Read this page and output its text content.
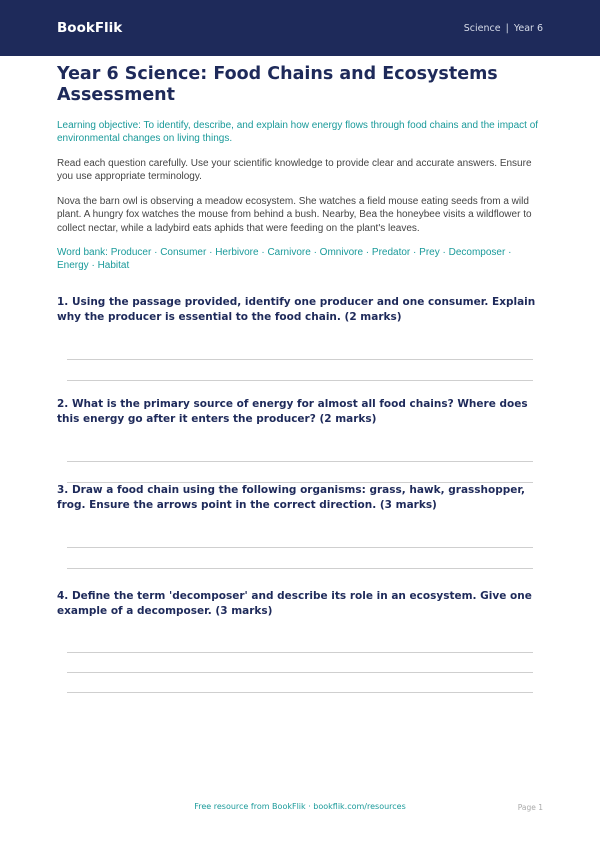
BookFlik	Science | Year 6
Year 6 Science: Food Chains and Ecosystems Assessment

Learning objective: To identify, describe, and explain how energy flows through food chains and the impact of environmental changes on living things.

Read each question carefully. Use your scientific knowledge to provide clear and accurate answers. Ensure you use appropriate terminology.

Nova the barn owl is observing a meadow ecosystem. She watches a field mouse eating seeds from a wild plant. A hungry fox watches the mouse from behind a bush. Nearby, Bea the honeybee visits a wildflower to collect nectar, while a ladybird eats aphids that were feeding on the plant's leaves.

Word bank: Producer · Consumer · Herbivore · Carnivore · Omnivore · Predator · Prey · Decomposer · Energy · Habitat

1. Using the passage provided, identify one producer and one consumer. Explain why the producer is essential to the food chain. (2 marks)

2. What is the primary source of energy for almost all food chains? Where does this energy go after it enters the producer? (2 marks)

3. Draw a food chain using the following organisms: grass, hawk, grasshopper, frog. Ensure the arrows point in the correct direction. (3 marks)

4. Define the term 'decomposer' and describe its role in an ecosystem. Give one example of a decomposer. (3 marks)

Free resource from BookFlik · bookflik.com/resources	Page 1
